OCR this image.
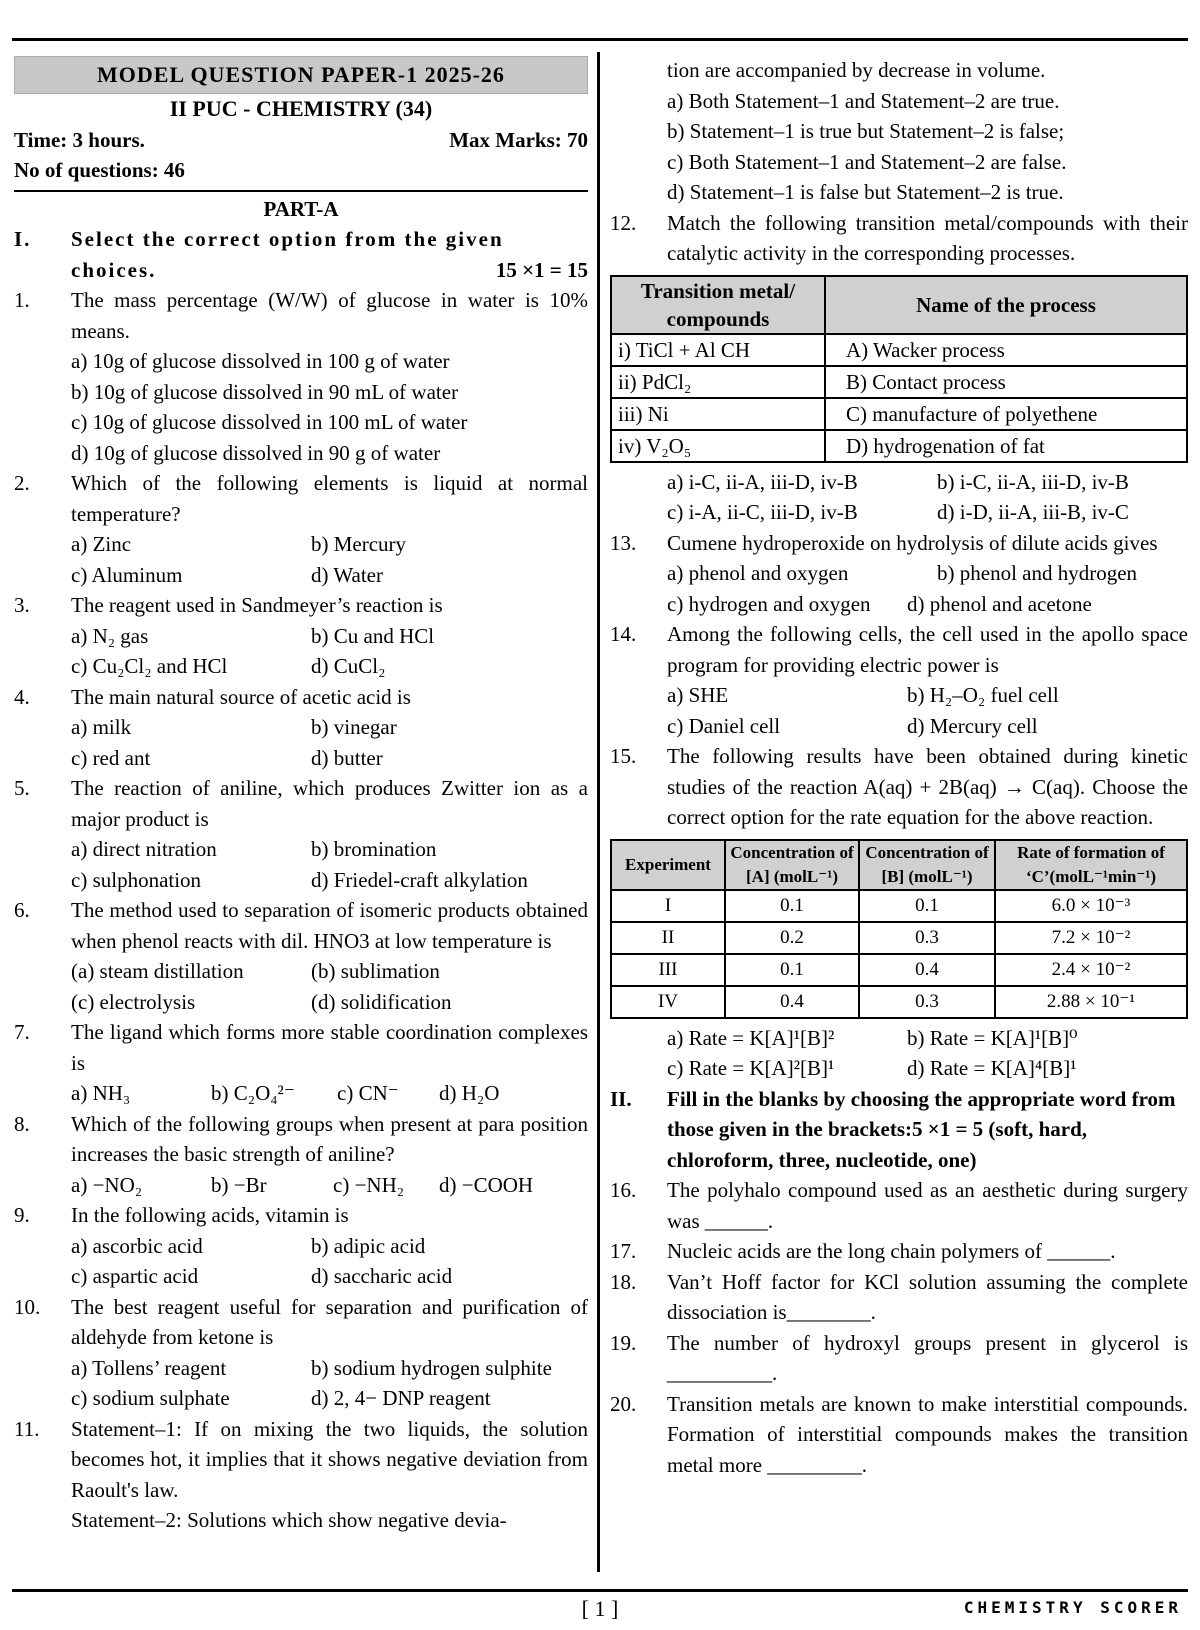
MODEL QUESTION PAPER-1 2025-26
II PUC - CHEMISTRY (34)
Time: 3 hours.	Max Marks: 70
No of questions: 46
PART-A
I.	Select the correct option from the given choices.	15 ×1 = 15
1.	The mass percentage (W/W) of glucose in water is 10% means.
a) 10g of glucose dissolved in 100 g of water
b) 10g of glucose dissolved in 90 mL of water
c) 10g of glucose dissolved in 100 mL of water
d) 10g of glucose dissolved in 90 g of water
2.	Which of the following elements is liquid at normal temperature?
a) Zinc	b) Mercury
c) Aluminum	d) Water
3.	The reagent used in Sandmeyer’s reaction is
a) N₂ gas	b) Cu and HCl
c) Cu₂Cl₂ and HCl	d) CuCl₂
4.	The main natural source of acetic acid is
a) milk	b) vinegar
c) red ant	d) butter
5.	The reaction of aniline, which produces Zwitter ion as a major product is
a) direct nitration	b) bromination
c) sulphonation	d) Friedel-craft alkylation
6.	The method used to separation of isomeric products obtained when phenol reacts with dil. HNO3 at low temperature is
(a) steam distillation	(b) sublimation
(c) electrolysis	(d) solidification
7.	The ligand which forms more stable coordination complexes is
a) NH₃	b) C₂O₄²⁻	c) CN⁻	d) H₂O
8.	Which of the following groups when present at para position increases the basic strength of aniline?
a) −NO₂	b) −Br	c) −NH₂	d) −COOH
9.	In the following acids, vitamin is
a) ascorbic acid	b) adipic acid
c) aspartic acid	d) saccharic acid
10.	The best reagent useful for separation and purification of aldehyde from ketone is
a) Tollens’ reagent	b) sodium hydrogen sulphite
c) sodium sulphate	d) 2, 4− DNP reagent
11.	Statement–1: If on mixing the two liquids, the solution becomes hot, it implies that it shows negative deviation from Raoult's law.
Statement–2: Solutions which show negative devia-
tion are accompanied by decrease in volume.
a) Both Statement–1 and Statement–2 are true.
b) Statement–1 is true but Statement–2 is false;
c) Both Statement–1 and Statement–2 are false.
d) Statement–1 is false but Statement–2 is true.
12.	Match the following transition metal/compounds with their catalytic activity in the corresponding processes.
Transition metal/ compounds	Name of the process
i) TiCl + Al CH	A) Wacker process
ii) PdCl₂	B) Contact process
iii) Ni	C) manufacture of polyethene
iv) V₂O₅	D) hydrogenation of fat
a) i-C, ii-A, iii-D, iv-B	b) i-C, ii-A, iii-D, iv-B
c) i-A, ii-C, iii-D, iv-B	d) i-D, ii-A, iii-B, iv-C
13.	Cumene hydroperoxide on hydrolysis of dilute acids gives
a) phenol and oxygen	b) phenol and hydrogen
c) hydrogen and oxygen	d) phenol and acetone
14.	Among the following cells, the cell used in the apollo space program for providing electric power is
a) SHE	b) H₂–O₂ fuel cell
c) Daniel cell	d) Mercury cell
15.	The following results have been obtained during kinetic studies of the reaction A(aq) + 2B(aq) → C(aq). Choose the correct option for the rate equation for the above reaction.
Experiment	Concentration of [A] (molL⁻¹)	Concentration of [B] (molL⁻¹)	Rate of formation of ‘C’(molL⁻¹min⁻¹)
I	0.1	0.1	6.0 × 10⁻³
II	0.2	0.3	7.2 × 10⁻²
III	0.1	0.4	2.4 × 10⁻²
IV	0.4	0.3	2.88 × 10⁻¹
a) Rate = K[A]¹[B]²	b) Rate = K[A]¹[B]⁰
c) Rate = K[A]²[B]¹	d) Rate = K[A]⁴[B]¹
II.	Fill in the blanks by choosing the appropriate word from those given in the brackets:5 ×1 = 5 (soft, hard, chloroform, three, nucleotide, one)
16.	The polyhalo compound used as an aesthetic during surgery was ______.
17.	Nucleic acids are the long chain polymers of ______.
18.	Van’t Hoff factor for KCl solution assuming the complete dissociation is________.
19.	The number of hydroxyl groups present in glycerol is __________.
20.	Transition metals are known to make interstitial compounds. Formation of interstitial compounds makes the transition metal more _________.
[ 1 ]	CHEMISTRY SCORER
